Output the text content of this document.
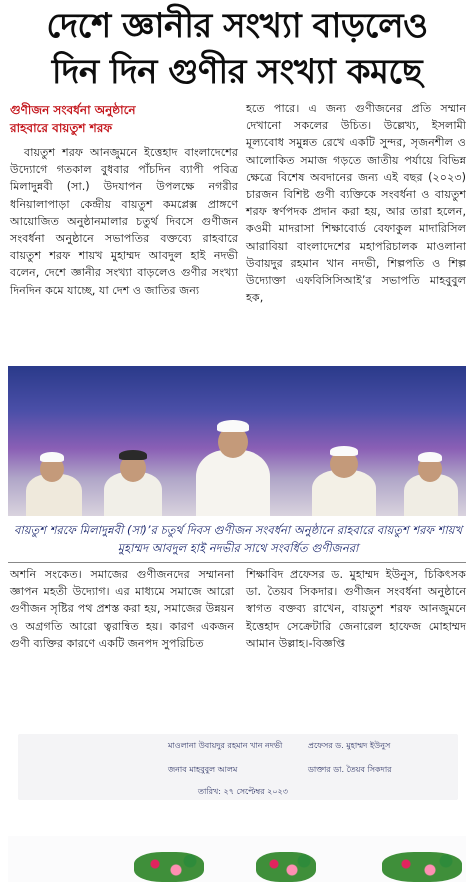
দেশে জ্ঞানীর সংখ্যা বাড়লেও
দিন দিন গুণীর সংখ্যা কমছে
গুণীজন সংবর্ধনা অনুষ্ঠানে
রাহবারে বায়তুশ শরফ
বায়তুশ শরফ আনজুমনে ইত্তেহাদ বাংলাদেশের উদ্যোগে গতকাল বুধবার পাঁচদিন ব্যাপী পবিত্র মিলাদুন্নবী (সা.) উদযাপন উপলক্ষে নগরীর ধনিয়ালাপাড়া কেন্দ্রীয় বায়তুশ কমপ্লেক্স প্রাঙ্গণে আয়োজিত অনুষ্ঠানমালার চতুর্থ দিবসে গুণীজন সংবর্ধনা অনুষ্ঠানে সভাপতির বক্তব্যে রাহবারে বায়তুশ শরফ শায়খ মুহাম্মদ আবদুল হাই নদভী বলেন, দেশে জ্ঞানীর সংখ্যা বাড়লেও গুণীর সংখ্যা দিনদিন কমে যাচ্ছে, যা দেশ ও জাতির জন্য
হতে পারে। এ জন্য গুণীজনের প্রতি সম্মান দেখানো সকলের উচিত। উল্লেখ্য, ইসলামী মূল্যবোধ সমুন্নত রেখে একটি সুন্দর, সৃজনশীল ও আলোকিত সমাজ গড়তে জাতীয় পর্যায়ে বিভিন্ন ক্ষেত্রে বিশেষ অবদানের জন্য এই বছর (২০২৩) চারজন বিশিষ্ট গুণী ব্যক্তিকে সংবর্ধনা ও বায়তুশ শরফ স্বর্ণপদক প্রদান করা হয়, আর তারা হলেন, কওমী মাদরাসা শিক্ষাবোর্ড বেফাকুল মাদারিসিল আরাবিয়া বাংলাদেশের মহাপরিচালক মাওলানা উবায়দুর রহমান খান নদভী, শিল্পপতি ও শিল্প উদ্যোক্তা এফবিসিসিআই’র সভাপতি মাহবুবুল হক,
মাওলানা উবায়দুর রহমান খান নদভী	প্রফেসর ড. মুহাম্মদ ইউনুস
জনাব মাহবুবুল আলম	ডাক্তার ডা. তৈয়ব সিকদার
তারিখ: ২৭ সেপ্টেম্বর ২০২৩
বায়তুশ শরফে মিলাদুন্নবী (সা)’র চতুর্থ দিবস গুণীজন সংবর্ধনা অনুষ্ঠানে রাহবারে বায়তুশ শরফ শায়খ মুহাম্মদ আবদুল হাই নদভীর সাথে সংবর্ধিত গুণীজনরা
অশনি সংকেত। সমাজের গুণীজনদের সম্মাননা জ্ঞাপন মহতী উদ্যোগ। এর মাধ্যমে সমাজে আরো গুণীজন সৃষ্টির পথ প্রশস্ত করা হয়, সমাজের উন্নয়ন ও অগ্রগতি আরো ত্বরান্বিত হয়। কারণ একজন গুণী ব্যক্তির কারণে একটি জনপদ সুপরিচিত
শিক্ষাবিদ প্রফেসর ড. মুহাম্মদ ইউনুস, চিকিৎসক ডা. তৈয়ব সিকদার। গুণীজন সংবর্ধনা অনুষ্ঠানে স্বাগত বক্তব্য রাখেন, বায়তুশ শরফ আনজুমনে ইত্তেহাদ সেক্রেটারি জেনারেল হাফেজ মোহাম্মদ আমান উল্লাহ।-বিজ্ঞপ্তি
